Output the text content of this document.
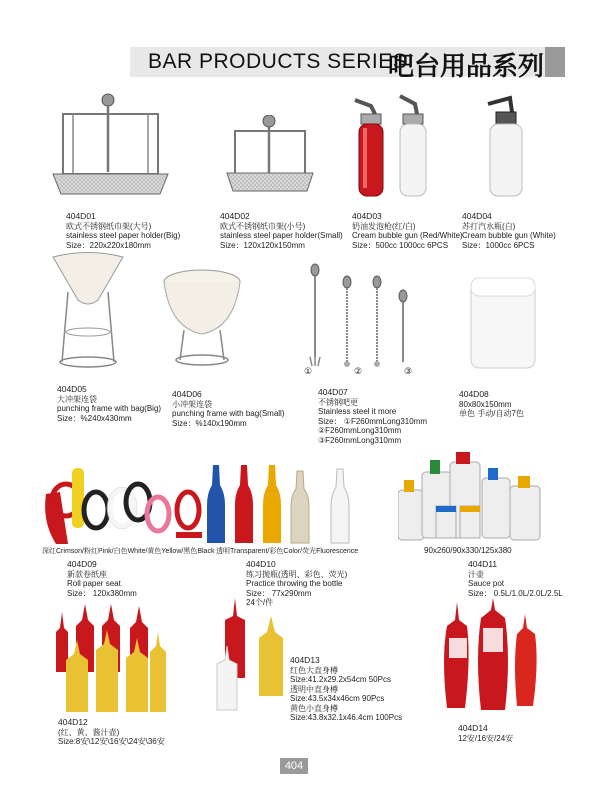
BAR PRODUCTS SERIES
吧台用品系列
404D01
欧式不锈钢纸巾架(大号)
stainless steel paper holder(Big)
Size：220x220x180mm
404D02
欧式不锈钢纸巾架(小号)
stainless steel paper holder(Small)
Size：120x120x150mm
404D03
奶油发泡枪(红/白)
Cream bubble gun (Red/White)
Size：500cc 1000cc 6PCS
404D04
苏打汽水瓶(白)
Cream bubble gun (White)
Size：1000cc 6PCS
①	②	③
404D05
大冲架连袋
punching frame with bag(Big)
Size：%240x430mm
404D06
小冲架连袋
punching frame with bag(Small)
Size：%140x190mm
404D07
不锈钢吧更
Stainless steel it more
Size： ①F260mmLong310mm
②F260mmLong310mm
③F260mmLong310mm
404D08
80x80x150mm
单色 手动/自动7色
深红Crimson/粉红Pink/白色White/黄色Yellow/黑色Black 透明Transparent/彩色Color/荧光Fluorescence	90x260/90x330/125x380
404D09
新款卷纸座
Roll paper seat
Size： 120x380mm
404D10
练习抛瓶(透明、彩色、荧光)
Practice throwing the bottle
Size： 77x290mm
24个/件
404D11
汁壶
Sauce pot
Size： 0.5L/1.0L/2.0L/2.5L
404D12
(红、黄、酱汁壶)
Size:8安\12安\16安\24安\36安
404D13
红色大直身樽
Size:41.2x29.2x54cm 50Pcs
透明中直身樽
Size:43.5x34x46cm 90Pcs
黄色小直身樽
Size:43.8x32.1x46.4cm 100Pcs
404D14
12安/16安/24安
404
